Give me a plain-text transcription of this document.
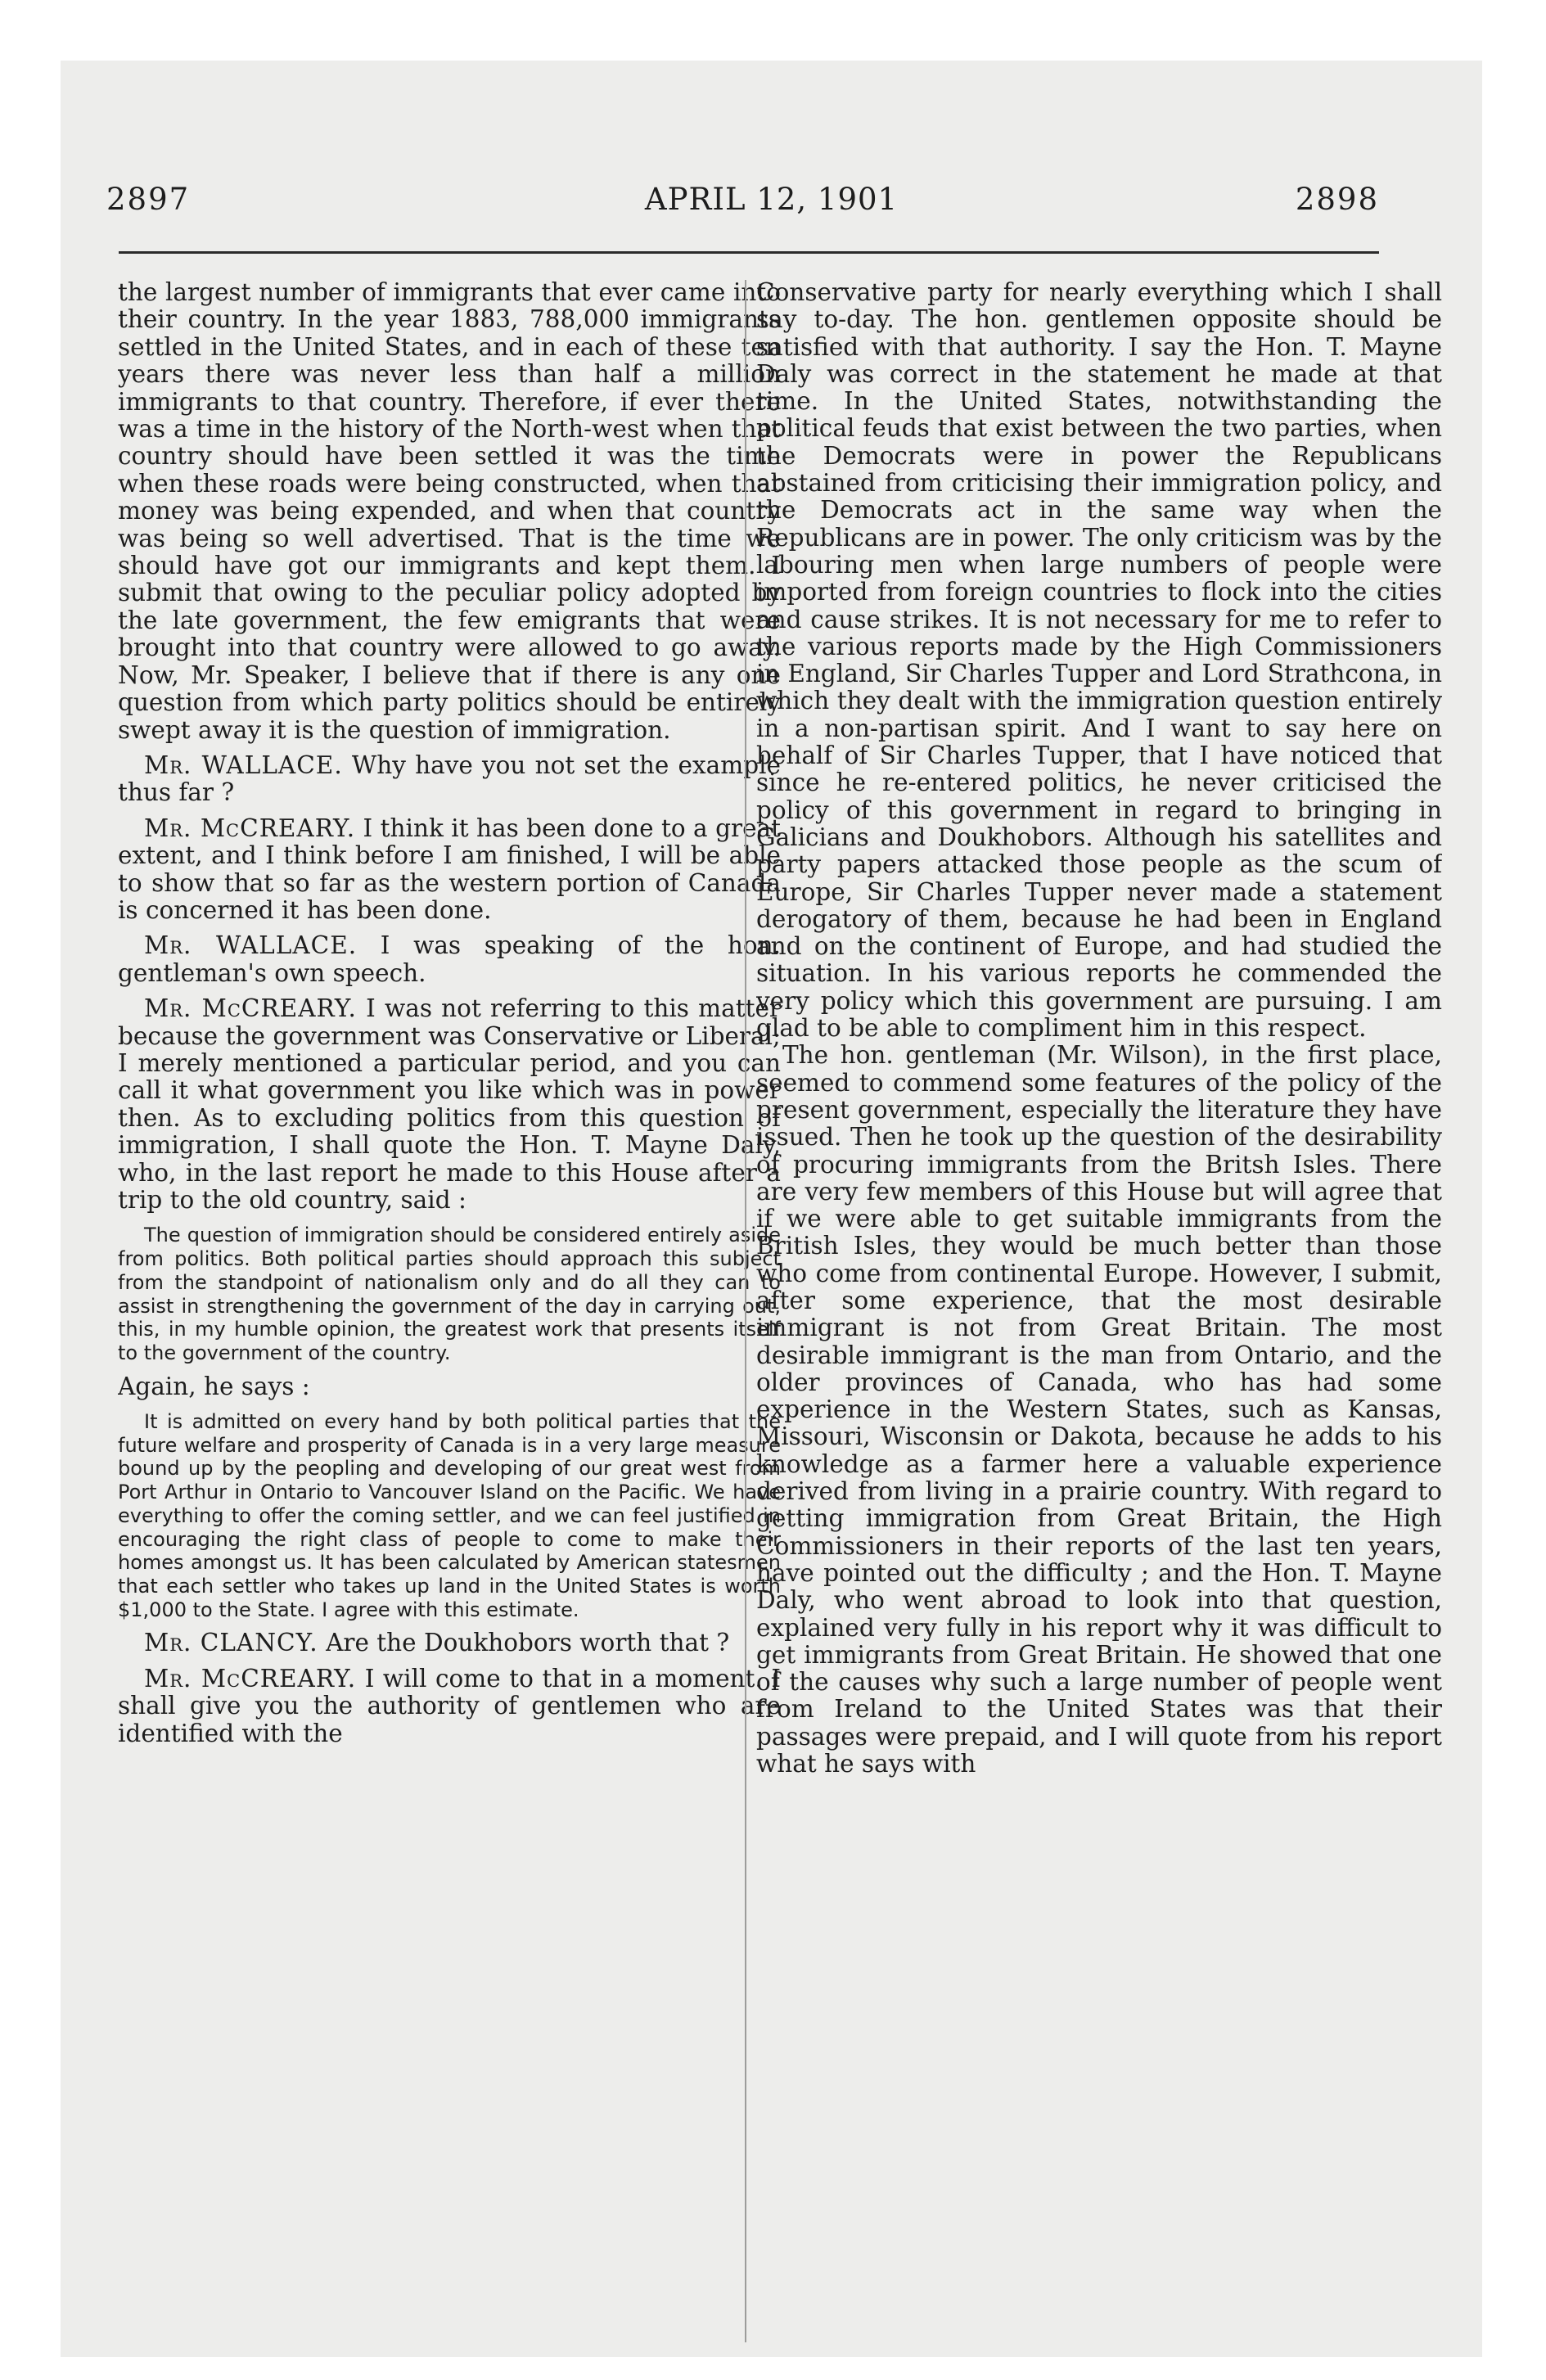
2897	APRIL 12, 1901	2898

the largest number of immigrants that ever came into their country. In the year 1883, 788,000 immigrants settled in the United States, and in each of these ten years there was never less than half a million immigrants to that country. Therefore, if ever there was a time in the history of the North-west when that country should have been settled it was the time when these roads were being constructed, when that money was being expended, and when that country was being so well advertised. That is the time we should have got our immigrants and kept them. I submit that owing to the peculiar policy adopted by the late government, the few emigrants that were brought into that country were allowed to go away. Now, Mr. Speaker, I believe that if there is any one question from which party politics should be entirely swept away it is the question of immigration.

Mr. WALLACE. Why have you not set the example thus far ?

Mr. McCREARY. I think it has been done to a great extent, and I think before I am finished, I will be able to show that so far as the western portion of Canada is concerned it has been done.

Mr. WALLACE. I was speaking of the hon. gentleman's own speech.

Mr. McCREARY. I was not referring to this matter because the government was Conservative or Liberal; I merely mentioned a particular period, and you can call it what government you like which was in power then. As to excluding politics from this question of immigration, I shall quote the Hon. T. Mayne Daly, who, in the last report he made to this House after a trip to the old country, said :

The question of immigration should be considered entirely aside from politics. Both political parties should approach this subject from the standpoint of nationalism only and do all they can to assist in strengthening the government of the day in carrying out, this, in my humble opinion, the greatest work that presents itself to the government of the country.

Again, he says :

It is admitted on every hand by both political parties that the future welfare and prosperity of Canada is in a very large measure bound up by the peopling and developing of our great west from Port Arthur in Ontario to Vancouver Island on the Pacific. We have everything to offer the coming settler, and we can feel justified in encouraging the right class of people to come to make their homes amongst us. It has been calculated by American statesmen that each settler who takes up land in the United States is worth $1,000 to the State. I agree with this estimate.

Mr. CLANCY. Are the Doukhobors worth that ?

Mr. McCREARY. I will come to that in a moment. I shall give you the authority of gentlemen who are identified with the

Conservative party for nearly everything which I shall say to-day. The hon. gentlemen opposite should be satisfied with that authority. I say the Hon. T. Mayne Daly was correct in the statement he made at that time. In the United States, notwithstanding the political feuds that exist between the two parties, when the Democrats were in power the Republicans abstained from criticising their immigration policy, and the Democrats act in the same way when the Republicans are in power. The only criticism was by the labouring men when large numbers of people were imported from foreign countries to flock into the cities and cause strikes. It is not necessary for me to refer to the various reports made by the High Commissioners in England, Sir Charles Tupper and Lord Strathcona, in which they dealt with the immigration question entirely in a non-partisan spirit. And I want to say here on behalf of Sir Charles Tupper, that I have noticed that since he re-entered politics, he never criticised the policy of this government in regard to bringing in Galicians and Doukhobors. Although his satellites and party papers attacked those people as the scum of Europe, Sir Charles Tupper never made a statement derogatory of them, because he had been in England and on the continent of Europe, and had studied the situation. In his various reports he commended the very policy which this government are pursuing. I am glad to be able to compliment him in this respect.

The hon. gentleman (Mr. Wilson), in the first place, seemed to commend some features of the policy of the present government, especially the literature they have issued. Then he took up the question of the desirability of procuring immigrants from the Britsh Isles. There are very few members of this House but will agree that if we were able to get suitable immigrants from the British Isles, they would be much better than those who come from continental Europe. However, I submit, after some experience, that the most desirable immigrant is not from Great Britain. The most desirable immigrant is the man from Ontario, and the older provinces of Canada, who has had some experience in the Western States, such as Kansas, Missouri, Wisconsin or Dakota, because he adds to his knowledge as a farmer here a valuable experience derived from living in a prairie country. With regard to getting immigration from Great Britain, the High Commissioners in their reports of the last ten years, have pointed out the difficulty ; and the Hon. T. Mayne Daly, who went abroad to look into that question, explained very fully in his report why it was difficult to get immigrants from Great Britain. He showed that one of the causes why such a large number of people went from Ireland to the United States was that their passages were prepaid, and I will quote from his report what he says with
